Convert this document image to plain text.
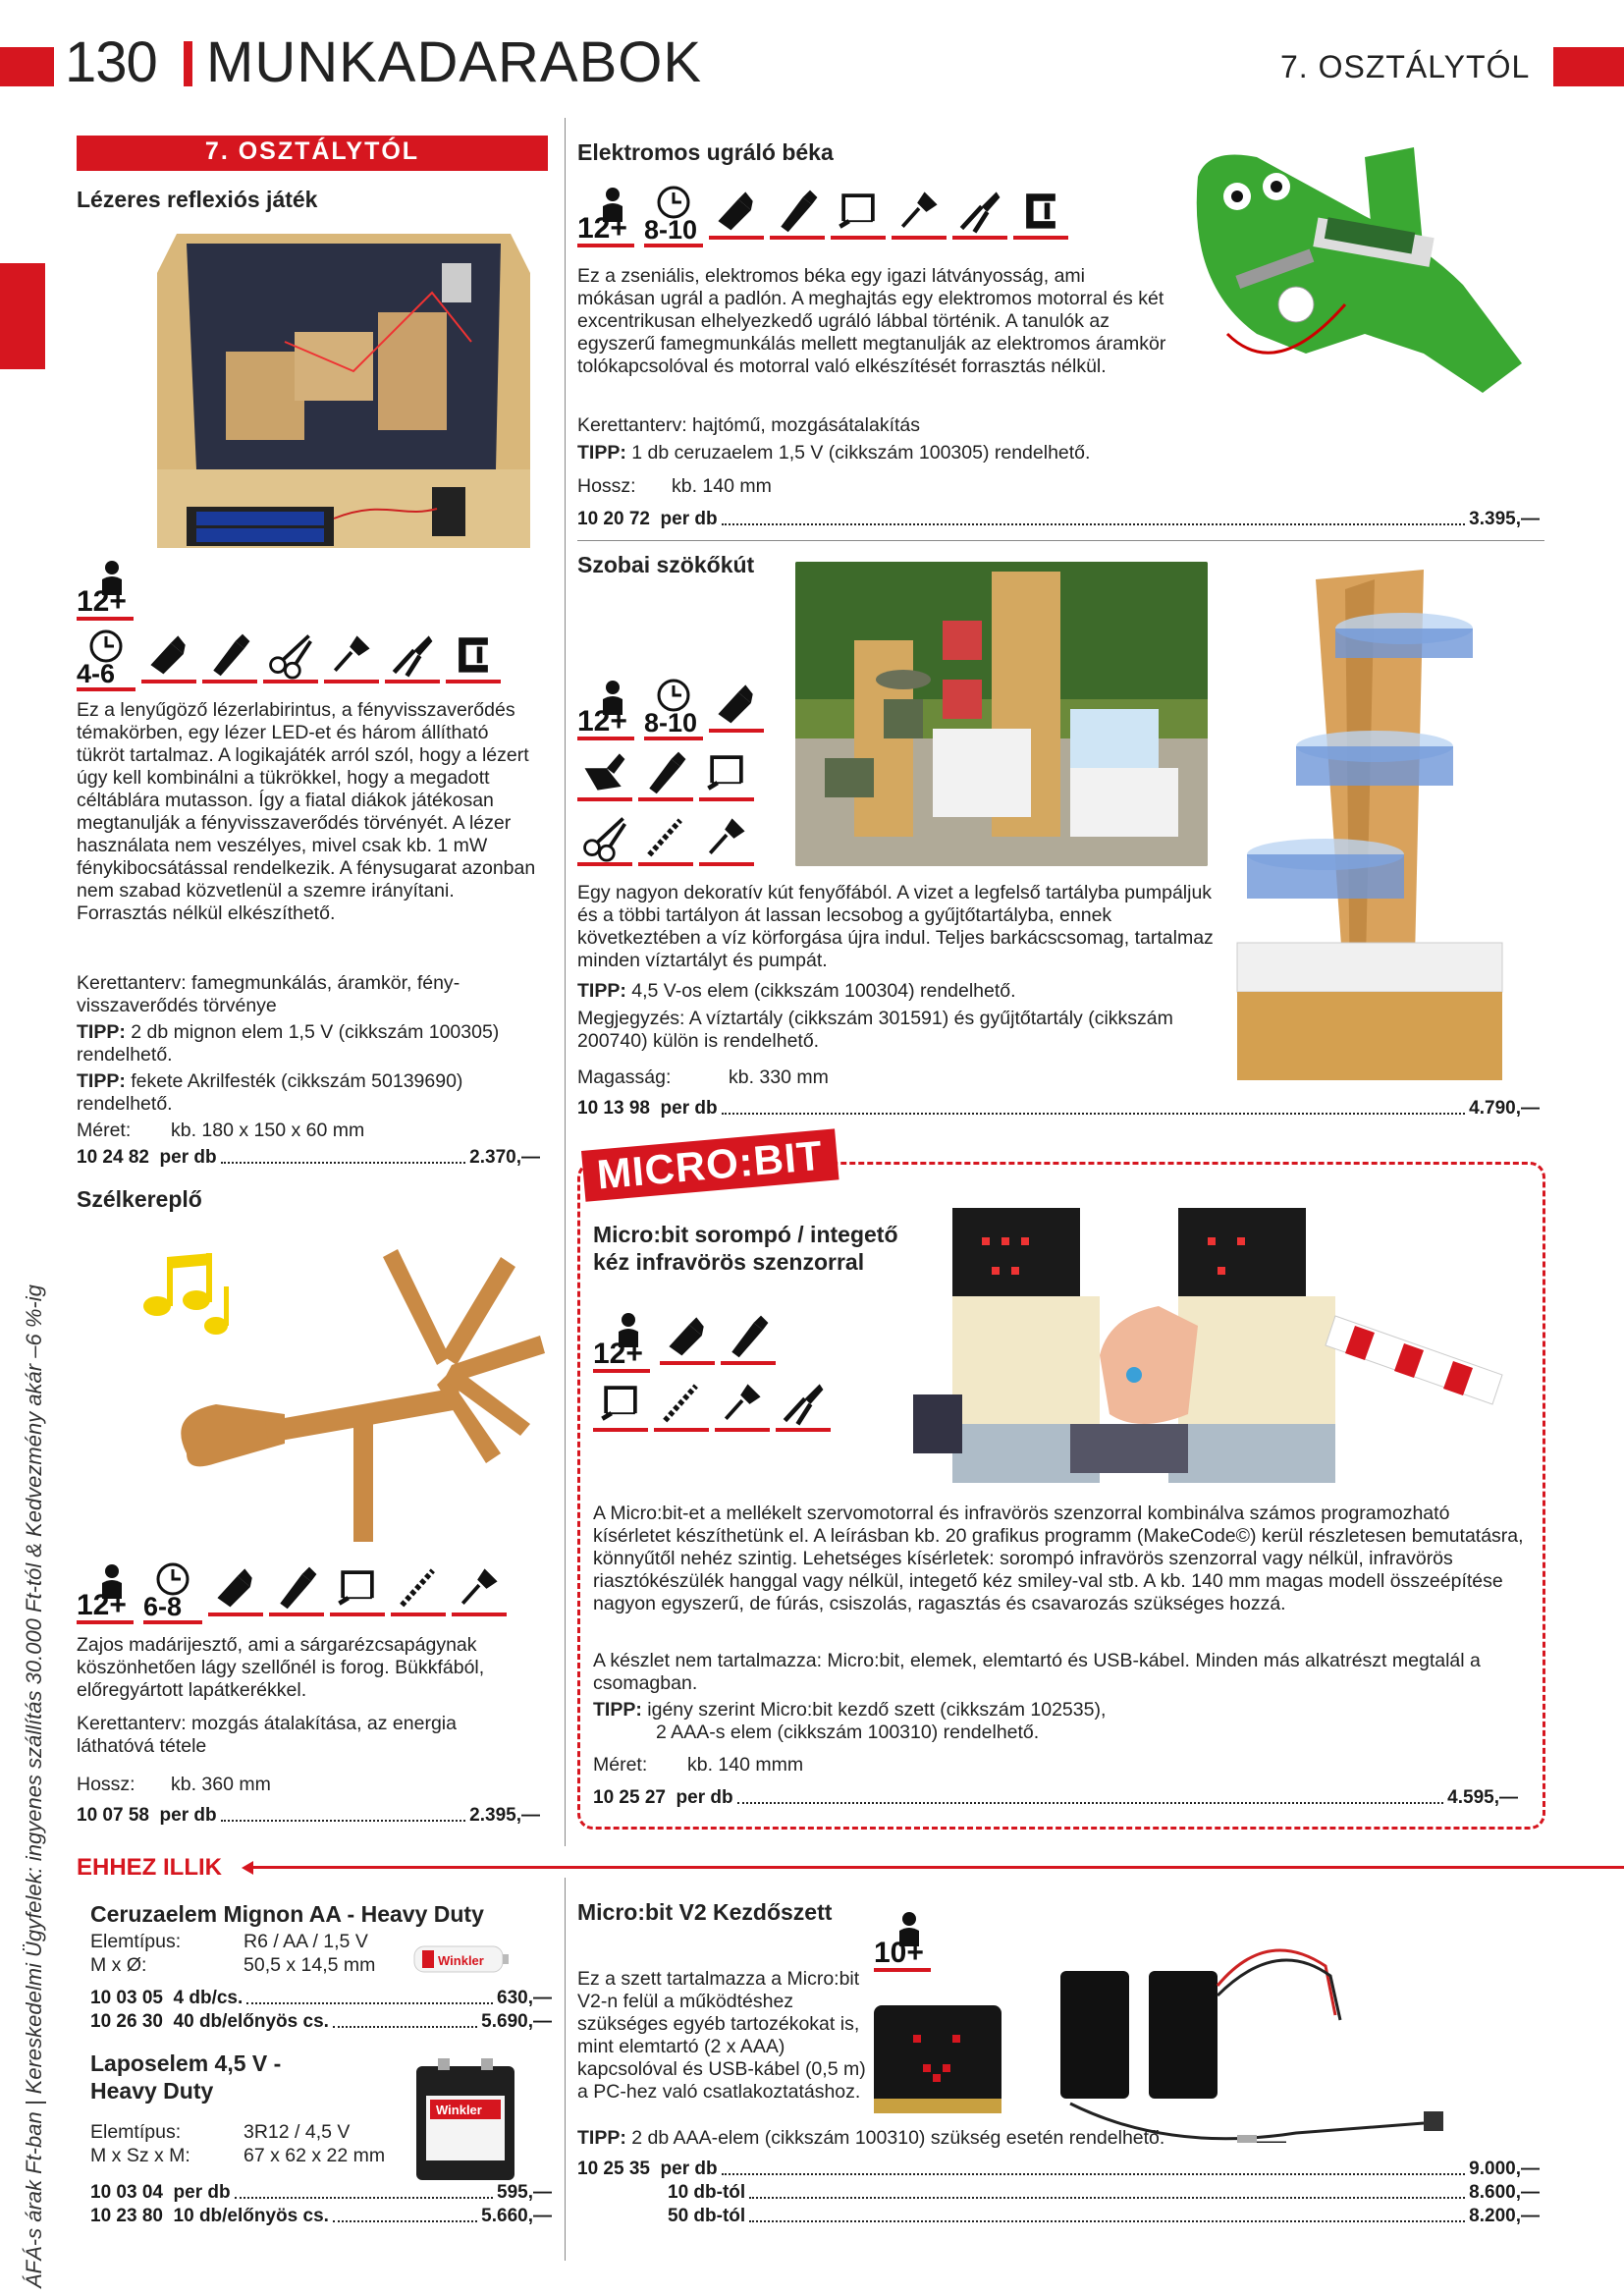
130 MUNKADARABOK	7. OSZTÁLYTÓL
ÁFÁ-s árak Ft-ban | Kereskedelmi Ügyfelek: ingyenes szállítás 30.000 Ft-tól & Kedvezmény akár –6 %-ig
7. OSZTÁLYTÓL
Lézeres reflexiós játék
12+
4-6
Ez a lenyűgöző lézerlabirintus, a fényvisszaverődés témakörben, egy lézer LED-et és három állítható tükröt tartalmaz. A logikajáték arról szól, hogy a lézert úgy kell kombinálni a tükrökkel, hogy a megadott céltáblára mutasson. Így a fiatal diákok játékosan megtanulják a fényvisszaverődés törvényét. A lézer használata nem veszélyes, mivel csak kb. 1 mW fénykibocsátással rendelkezik. A fénysugarat azonban nem szabad közvetlenül a szemre irányítani. Forrasztás nélkül elkészíthető.
Kerettanterv: famegmunkálás, áramkör, fényvisszaverődés törvénye
TIPP: 2 db mignon elem 1,5 V (cikkszám 100305) rendelhető.
TIPP: fekete Akrilfesték (cikkszám 50139690) rendelhető.
Méret:	kb. 180 x 150 x 60 mm
10 24 82
per db	2.370,—
Szélkereplő
12+ 6-8
Zajos madárijesztő, ami a sárgarézcsapágynak köszönhetően lágy szellőnél is forog. Bükkfából, előregyártott lapátkerékkel.
Kerettanterv: mozgás átalakítása, az energia láthatóvá tétele
Hossz:	kb. 360 mm
10 07 58
per db	2.395,—
Elektromos ugráló béka
12+ 8-10
Ez a zseniális, elektromos béka egy igazi látványosság, ami mókásan ugrál a padlón. A meghajtás egy elektromos motorral és két excentrikusan elhelyezkedő ugráló lábbal történik. A tanulók az egyszerű famegmunkálás mellett megtanulják az elektromos áramkör tolókapcsolóval és motorral való elkészítését forrasztás nélkül.
Kerettanterv: hajtómű, mozgásátalakítás
TIPP: 1 db ceruzaelem 1,5 V (cikkszám 100305) rendelhető.
Hossz:	kb. 140 mm
10 20 72
per db	3.395,—
Szobai szökőkút
12+ 8-10
Egy nagyon dekoratív kút fenyőfából. A vizet a legfelső tartályba pumpáljuk és a többi tartályon át lassan lecsobog a gyűjtőtartályba, ennek következtében a víz körforgása újra indul. Teljes barkácscsomag, tartalmaz minden víztartályt és pumpát.
TIPP: 4,5 V-os elem (cikkszám 100304) rendelhető.
Megjegyzés: A víztartály (cikkszám 301591) és gyűjtőtartály (cikkszám 200740) külön is rendelhető.
Magasság:	kb. 330 mm
10 13 98
per db	4.790,—
MICRO:BIT
Micro:bit sorompó / integető
kéz infravörös szenzorral
12+
A Micro:bit-et a mellékelt szervomotorral és infravörös szenzorral kombinálva számos programozható kísérletet készíthetünk el. A leírásban kb. 20 grafikus programm (MakeCode©) kerül részletesen bemutatásra, könnyűtől nehéz szintig. Lehetséges kísérletek: sorompó infravörös szenzorral vagy nélkül, infravörös riasztókészülék hanggal vagy nélkül, integető kéz smiley-val stb. A kb. 140 mm magas modell összeépítése nagyon egyszerű, de fúrás, csiszolás, ragasztás és csavarozás szükséges hozzá.
A készlet nem tartalmazza: Micro:bit, elemek, elemtartó és USB-kábel. Minden más alkatrészt megtalál a csomagban.
TIPP: igény szerint Micro:bit kezdő szett (cikkszám 102535),
2 AAA-s elem (cikkszám 100310) rendelhető.
Méret:	kb. 140 mmm
10 25 27
per db	4.595,—
EHHEZ ILLIK
Ceruzaelem Mignon AA - Heavy Duty
Elemtípus:	R6 / AA / 1,5 V
M x Ø:	50,5 x 14,5 mm	Winkler
10 03 05
4 db/cs.	630,—
10 26 30
40 db/előnyös cs.	5.690,—
Laposelem 4,5 V -
Heavy Duty
Winkler
Elemtípus:	3R12 / 4,5 V
M x Sz x M:	67 x 62 x 22 mm
10 03 04
per db	595,—
10 23 80
10 db/előnyös cs.	5.660,—
Micro:bit V2 Kezdőszett
10+
Ez a szett tartalmazza a Micro:bit V2-n felül a működtéshez szükséges egyéb tartozékokat is, mint elemtartó (2 x AAA) kapcsolóval és USB-kábel (0,5 m) a PC-hez való csatlakoztatáshoz.
TIPP: 2 db AAA-elem (cikkszám 100310) szükség esetén rendelhető.
10 25 35
per db	9.000,—
10 db-tól	8.600,—
50 db-tól	8.200,—
